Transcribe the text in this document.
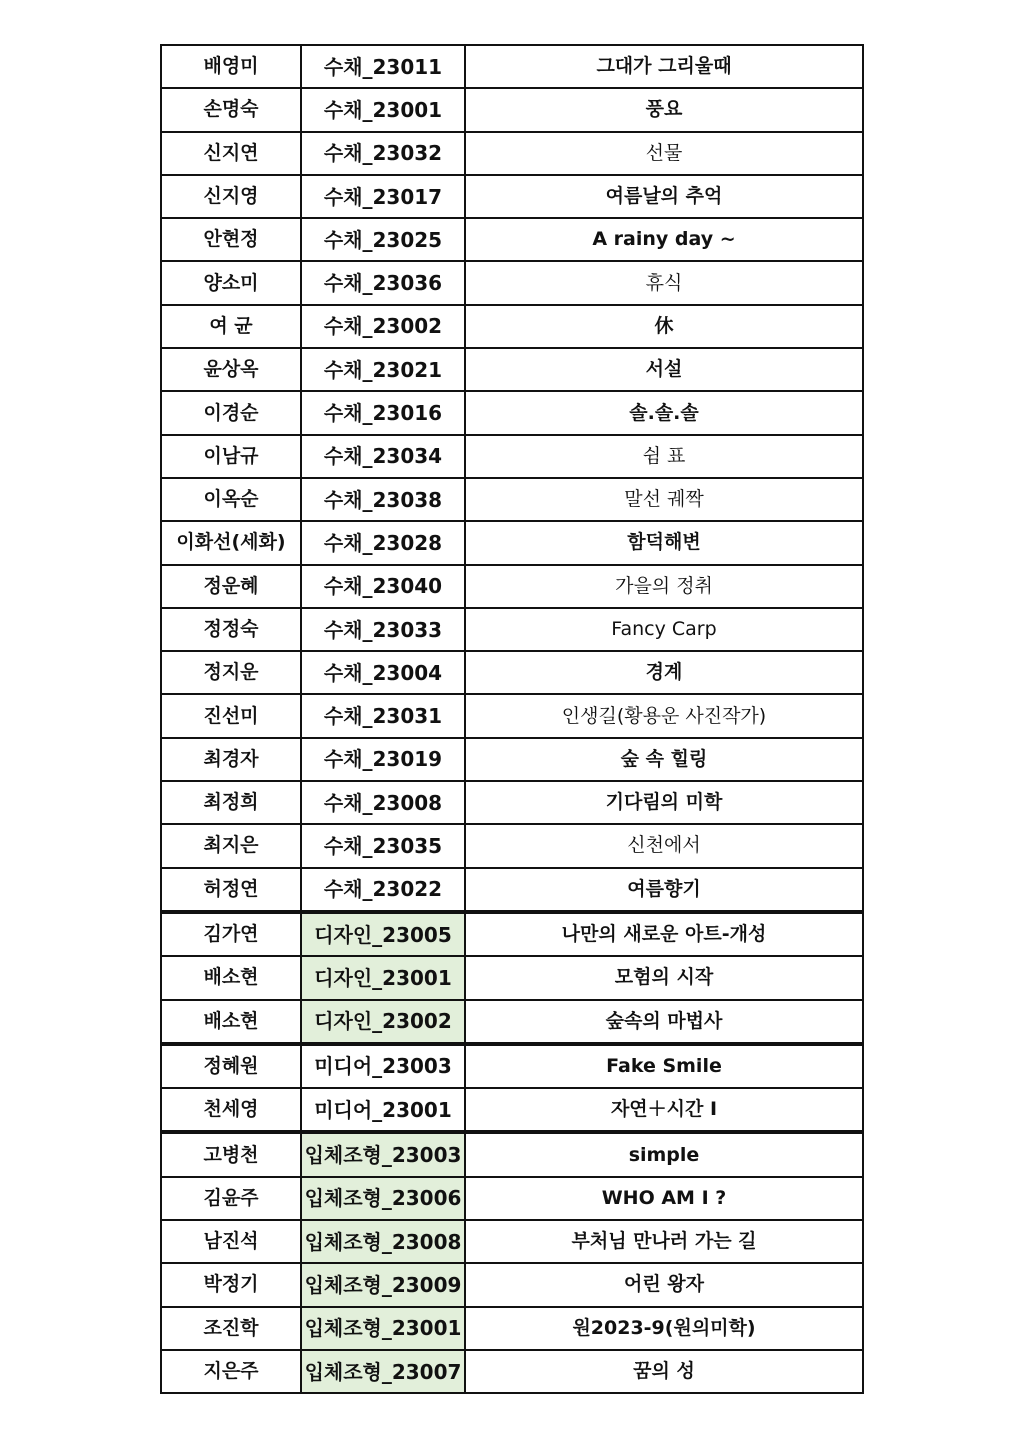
배영미	수채_23011	그대가 그리울때
손명숙	수채_23001	풍요
신지연	수채_23032	선물
신지영	수채_23017	여름날의 추억
안현정	수채_23025	A rainy day ~
양소미	수채_23036	휴식
여 균	수채_23002	休
윤상옥	수채_23021	서설
이경순	수채_23016	솔.솔.솔
이남규	수채_23034	쉼 표
이옥순	수채_23038	말선 궤짝
이화선(세화)	수채_23028	함덕해변
정운혜	수채_23040	가을의 정취
정정숙	수채_23033	Fancy Carp
정지운	수채_23004	경계
진선미	수채_23031	인생길(황용운 사진작가)
최경자	수채_23019	숲 속 힐링
최정희	수채_23008	기다림의 미학
최지은	수채_23035	신천에서
허정연	수채_23022	여름향기
김가연	디자인_23005	나만의 새로운 아트-개성
배소현	디자인_23001	모험의 시작
배소현	디자인_23002	숲속의 마법사
정혜원	미디어_23003	Fake Smile
천세영	미디어_23001	자연＋시간 Ⅰ
고병천	입체조형_23003	simple
김윤주	입체조형_23006	WHO AM I ?
남진석	입체조형_23008	부처님 만나러 가는 길
박정기	입체조형_23009	어린 왕자
조진학	입체조형_23001	원2023-9(원의미학)
지은주	입체조형_23007	꿈의 성
